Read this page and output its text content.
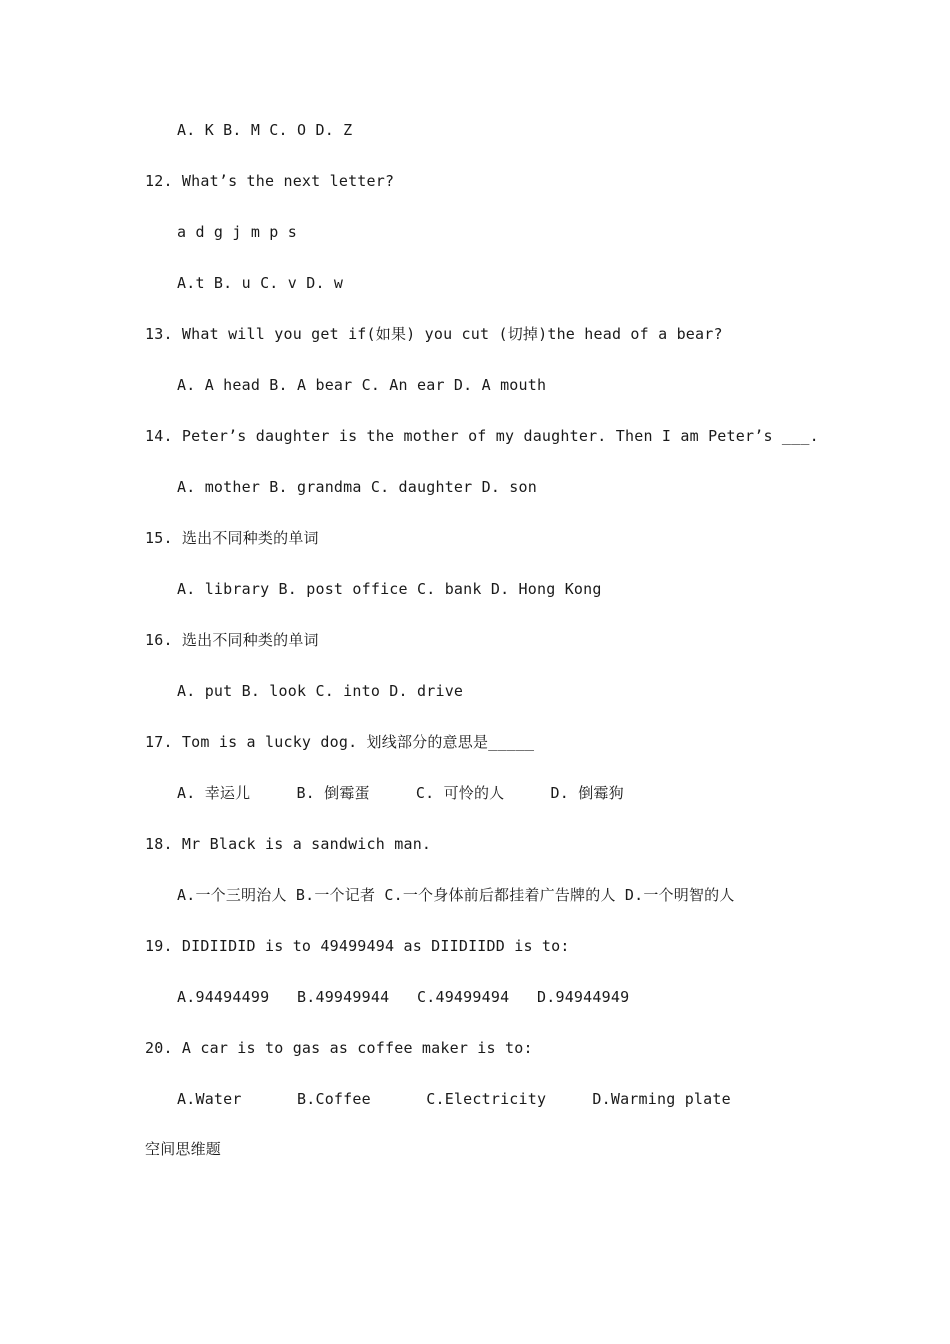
A. K B. M C. O D. Z
12. What’s the next letter?
a d g j m p s
A.t B. u C. v D. w
13. What will you get if(如果) you cut (切掉)the head of a bear?
A. A head B. A bear C. An ear D. A mouth
14. Peter’s daughter is the mother of my daughter. Then I am Peter’s ___.
A. mother B. grandma C. daughter D. son
15. 选出不同种类的单词
A. library B. post office C. bank D. Hong Kong
16. 选出不同种类的单词
A. put B. look C. into D. drive
17. Tom is a lucky dog. 划线部分的意思是_____
A. 幸运儿     B. 倒霉蛋     C. 可怜的人     D. 倒霉狗
18. Mr Black is a sandwich man.
A.一个三明治人 B.一个记者 C.一个身体前后都挂着广告牌的人 D.一个明智的人
19. DIDIIDID is to 49499494 as DIIDIIDD is to:
A.94494499   B.49949944   C.49499494   D.94944949
20. A car is to gas as coffee maker is to:
A.Water      B.Coffee      C.Electricity     D.Warming plate
空间思维题
